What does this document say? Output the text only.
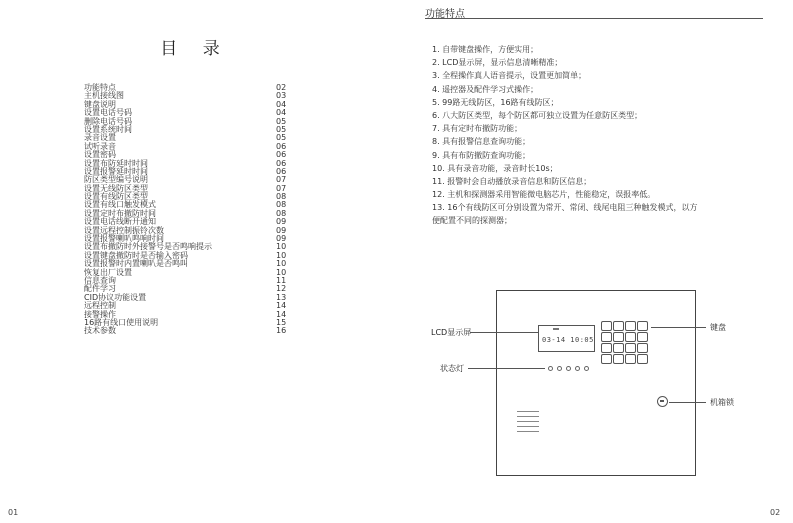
目 录
功能特点	02
主机接线图	03
键盘说明	04
设置电话号码	04
删除电话号码	05
设置系统时间	05
录音设置	05
试听录音	06
设置密码	06
设置布防延时时间	06
设置报警延时时间	06
防区类型编号说明	07
设置无线防区类型	07
设置有线防区类型	08
设置有线口触发模式	08
设置定时布撤防时间	08
设置电话线断开通知	09
设置远程控制振铃次数	09
设置报警喇叭鸣响时间	09
设置布撤防时外接警号是否鸣响提示	10
设置键盘撤防时是否输入密码	10
设置报警时内置喇叭是否鸣叫	10
恢复出厂设置	10
信息查询	11
配件学习	12
CID协议功能设置	13
远程控制	14
接警操作	14
16路有线口使用说明	15
技术参数	16
01
功能特点
1. 自带键盘操作，方便实用；
2. LCD显示屏，显示信息清晰精准；
3. 全程操作真人语音提示，设置更加简单；
4. 遥控器及配件学习式操作；
5. 99路无线防区，16路有线防区；
6. 八大防区类型，每个防区都可独立设置为任意防区类型；
7. 具有定时布撤防功能；
8. 具有报警信息查询功能；
9. 具有布防撤防查询功能；
10. 具有录音功能，录音时长10s；
11. 报警时会自动播放录音信息和防区信息；
12. 主机和探测器采用智能微电脑芯片，性能稳定，误报率低。
13. 16个有线防区可分别设置为常开、常闭、线尾电阻三种触发模式，以方便配置不同的探测器；
03-14 10:05
LCD显示屏
状态灯
键盘
机箱锁
02
